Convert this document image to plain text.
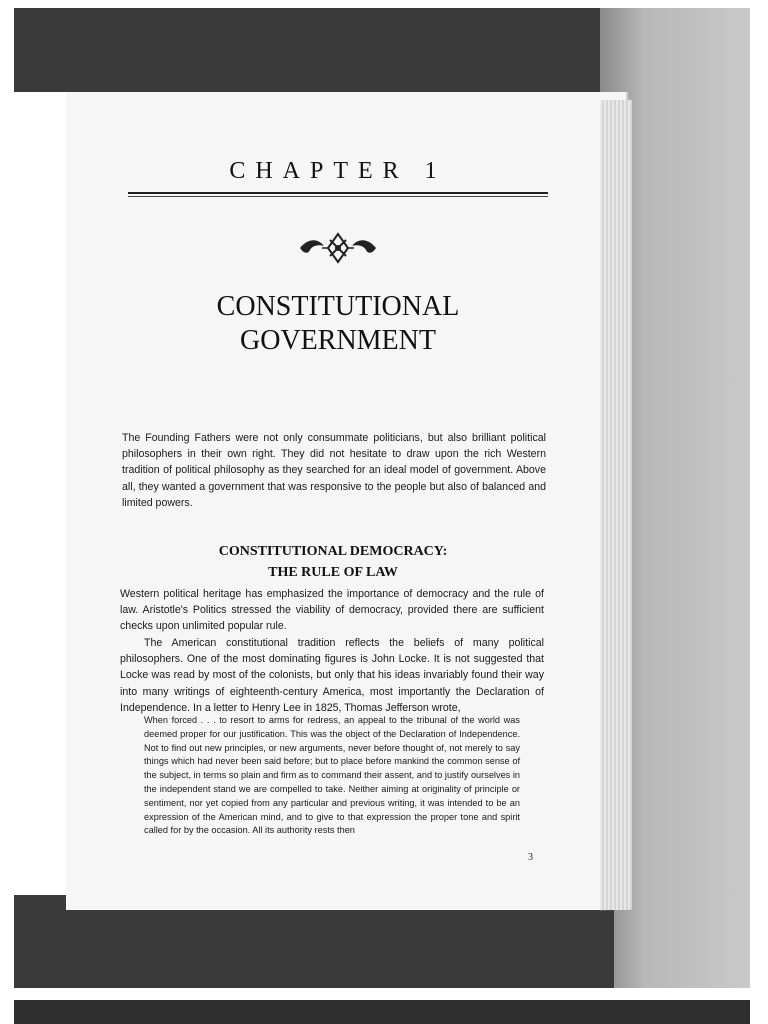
CHAPTER 1
CONSTITUTIONAL GOVERNMENT

The Founding Fathers were not only consummate politicians, but also brilliant political philosophers in their own right. They did not hesitate to draw upon the rich Western tradition of political philosophy as they searched for an ideal model of government. Above all, they wanted a government that was responsive to the people but also of balanced and limited powers.

CONSTITUTIONAL DEMOCRACY:
THE RULE OF LAW

Western political heritage has emphasized the importance of democracy and the rule of law. Aristotle's Politics stressed the viability of democracy, provided there are sufficient checks upon unlimited popular rule.

The American constitutional tradition reflects the beliefs of many political philosophers. One of the most dominating figures is John Locke. It is not suggested that Locke was read by most of the colonists, but only that his ideas invariably found their way into many writings of eighteenth-century America, most importantly the Declaration of Independence. In a letter to Henry Lee in 1825, Thomas Jefferson wrote,

When forced . . . to resort to arms for redress, an appeal to the tribunal of the world was deemed proper for our justification. This was the object of the Declaration of Independence. Not to find out new principles, or new arguments, never before thought of, not merely to say things which had never been said before; but to place before mankind the common sense of the subject, in terms so plain and firm as to command their assent, and to justify ourselves in the independent stand we are compelled to take. Neither aiming at originality of principle or sentiment, nor yet copied from any particular and previous writing, it was intended to be an expression of the American mind, and to give to that expression the proper tone and spirit called for by the occasion. All its authority rests then

3
